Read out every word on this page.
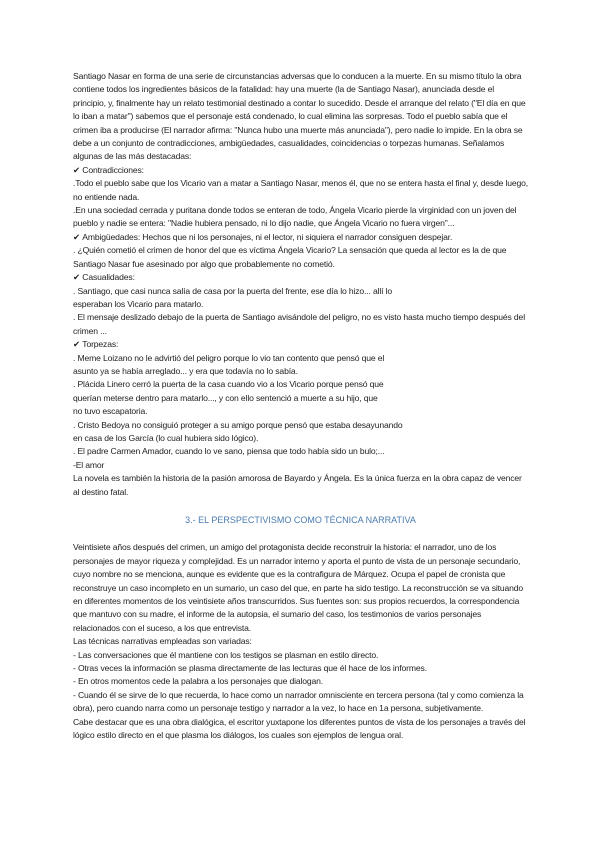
Santiago Nasar en forma de una serie de circunstancias adversas que lo conducen a la muerte. En su mismo título la obra contiene todos los ingredientes básicos de la fatalidad: hay una muerte (la de Santiago Nasar), anunciada desde el principio, y, finalmente hay un relato testimonial destinado a contar lo sucedido. Desde el arranque del relato ("El día en que lo iban a matar") sabemos que el personaje está condenado, lo cual elimina las sorpresas. Todo el pueblo sabía que el crimen iba a producirse (El narrador afirma: "Nunca hubo una muerte más anunciada"), pero nadie lo impide. En la obra se debe a un conjunto de contradicciones, ambigüedades, casualidades, coincidencias o torpezas humanas. Señalamos algunas de las más destacadas:

✔ Contradicciones:

.Todo el pueblo sabe que los Vicario van a matar a Santiago Nasar, menos él, que no se entera hasta el final y, desde luego, no entiende nada.

.En una sociedad cerrada y puritana donde todos se enteran de todo, Ángela Vicario pierde la virginidad con un joven del pueblo y nadie se entera: "Nadie hubiera pensado, ni lo dijo nadie, que Ángela Vicario no fuera virgen"...

✔ Ambigüedades: Hechos que ni los personajes, ni el lector, ni siquiera el narrador consiguen despejar.

. ¿Quién cometió el crimen de honor del que es víctima Ángela Vicario? La sensación que queda al lector es la de que Santiago Nasar fue asesinado por algo que probablemente no cometió.

✔ Casualidades:

. Santiago, que casi nunca salía de casa por la puerta del frente, ese día lo hizo... allí lo

esperaban los Vicario para matarlo.

. El mensaje deslizado debajo de la puerta de Santiago avisándole del peligro, no es visto hasta mucho tiempo después del crimen ...

✔ Torpezas:

. Meme Loizano no le advirtió del peligro porque lo vio tan contento que pensó que el

asunto ya se había arreglado... y era que todavía no lo sabía.

. Plácida Linero cerró la puerta de la casa cuando vio a los Vicario porque pensó que

querían meterse dentro para matarlo..., y con ello sentenció a muerte a su hijo, que

no tuvo escapatoria.

. Cristo Bedoya no consiguió proteger a su amigo porque pensó que estaba desayunando

en casa de los García (lo cual hubiera sido lógico).

. El padre Carmen Amador, cuando lo ve sano, piensa que todo había sido un bulo;...

-El amor

La novela es también la historia de la pasión amorosa de Bayardo y Ángela. Es la única fuerza en la obra capaz de vencer al destino fatal.

3.- EL PERSPECTIVISMO COMO TÉCNICA NARRATIVA

Veintisiete años después del crimen, un amigo del protagonista decide reconstruir la historia: el narrador, uno de los personajes de mayor riqueza y complejidad. Es un narrador interno y aporta el punto de vista de un personaje secundario, cuyo nombre no se menciona, aunque es evidente que es la contrafigura de Márquez. Ocupa el papel de cronista que reconstruye un caso incompleto en un sumario, un caso del que, en parte ha sido testigo. La reconstrucción se va situando en diferentes momentos de los veintisiete años transcurridos. Sus fuentes son: sus propios recuerdos, la correspondencia que mantuvo con su madre, el informe de la autopsia, el sumario del caso, los testimonios de varios personajes relacionados con el suceso, a los que entrevista.

Las técnicas narrativas empleadas son variadas:

- Las conversaciones que él mantiene con los testigos se plasman en estilo directo.

- Otras veces la información se plasma directamente de las lecturas que él hace de los informes.

- En otros momentos cede la palabra a los personajes que dialogan.

- Cuando él se sirve de lo que recuerda, lo hace como un narrador omnisciente en tercera persona (tal y como comienza la obra), pero cuando narra como un personaje testigo y narrador a la vez, lo hace en 1a persona, subjetivamente.

Cabe destacar que es una obra dialógica, el escritor yuxtapone los diferentes puntos de vista de los personajes a través del lógico estilo directo en el que plasma los diálogos, los cuales son ejemplos de lengua oral.
